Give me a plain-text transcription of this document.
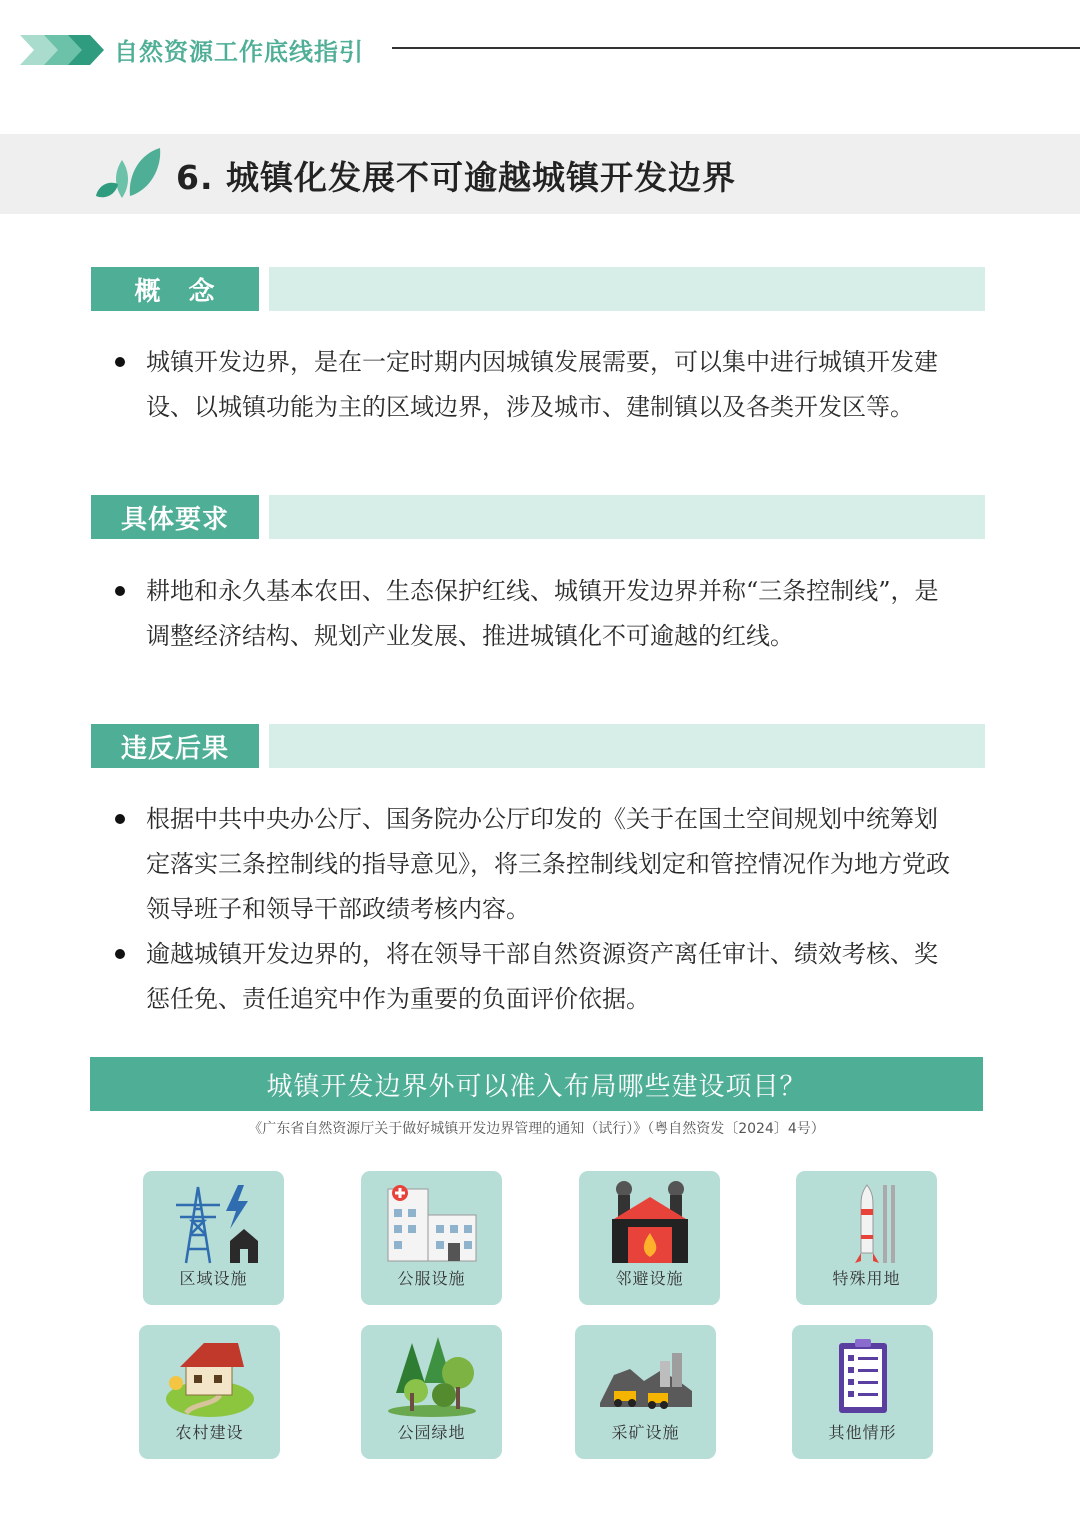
自然资源工作底线指引
6. 城镇化发展不可逾越城镇开发边界
概　念
城镇开发边界，是在一定时期内因城镇发展需要，可以集中进行城镇开发建设、以城镇功能为主的区域边界，涉及城市、建制镇以及各类开发区等。
具体要求
耕地和永久基本农田、生态保护红线、城镇开发边界并称“三条控制线”，是调整经济结构、规划产业发展、推进城镇化不可逾越的红线。
违反后果
根据中共中央办公厅、国务院办公厅印发的《关于在国土空间规划中统筹划定落实三条控制线的指导意见》，将三条控制线划定和管控情况作为地方党政领导班子和领导干部政绩考核内容。
逾越城镇开发边界的，将在领导干部自然资源资产离任审计、绩效考核、奖惩任免、责任追究中作为重要的负面评价依据。
城镇开发边界外可以准入布局哪些建设项目？
《广东省自然资源厅关于做好城镇开发边界管理的通知（试行）》（粤自然资发〔2024〕4号）
区域设施	公服设施	邻避设施	特殊用地
农村建设	公园绿地	采矿设施	其他情形
